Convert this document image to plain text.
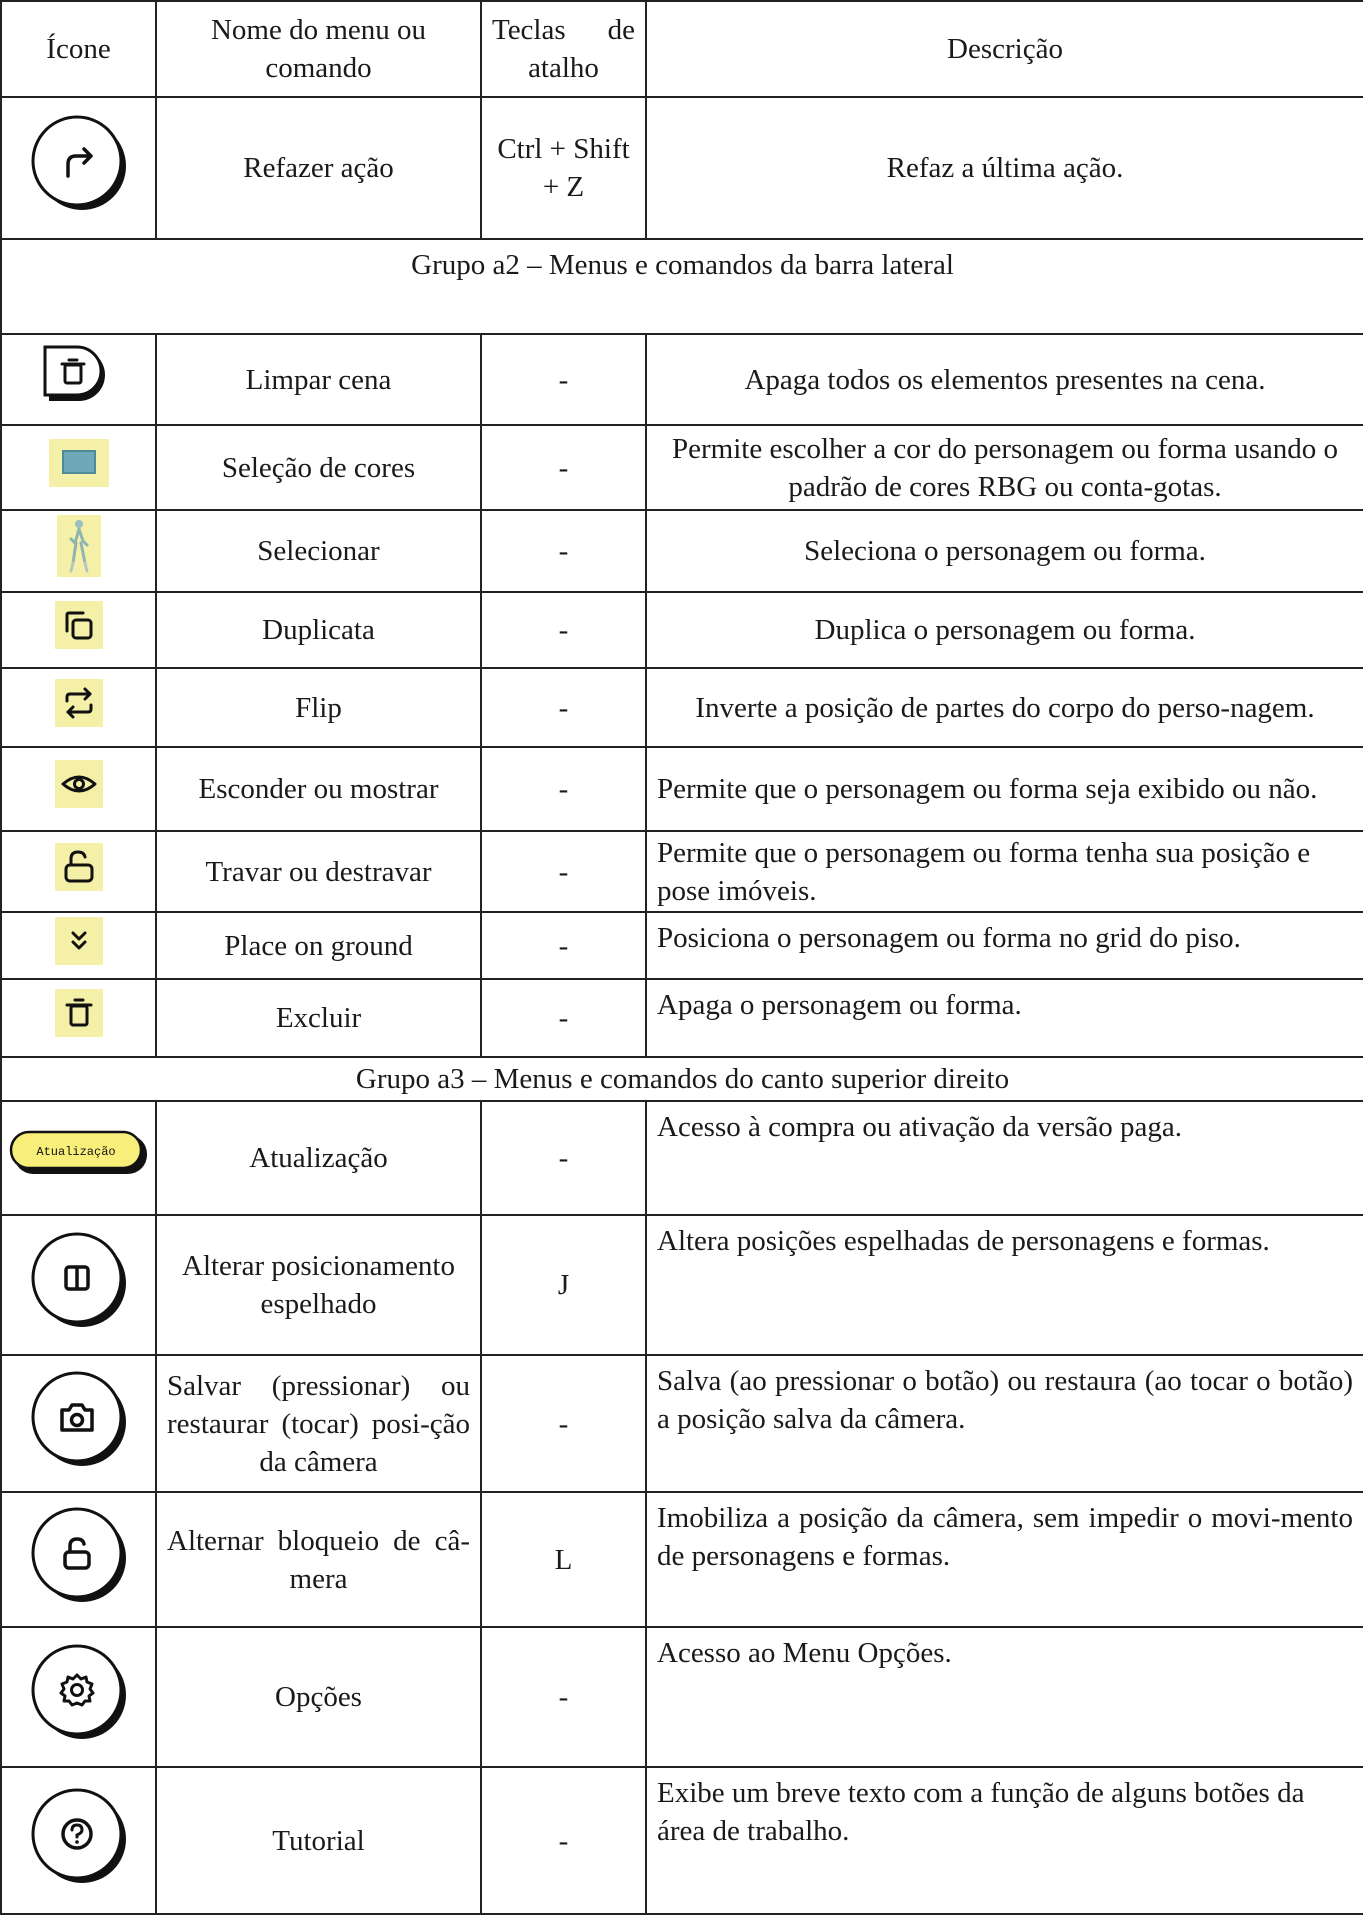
Ícone	Nome do menu ou comando	Teclas de atalho	Descrição

	Refazer ação	Ctrl + Shift + Z	Refaz a última ação.
Grupo a2 – Menus e comandos da barra lateral			

	Limpar cena	-	Apaga todos os elementos presentes na cena.

	Seleção de cores	-	Permite escolher a cor do personagem ou forma usando o padrão de cores RBG ou conta-gotas.

	Selecionar	-	Seleciona o personagem ou forma.

	Duplicata	-	Duplica o personagem ou forma.

	Flip	-	Inverte a posição de partes do corpo do perso-nagem.

	Esconder ou mostrar	-	Permite que o personagem ou forma seja exibido ou não.

	Travar ou destravar	-	Permite que o personagem ou forma tenha sua posição e pose imóveis.

	Place on ground	-	Posiciona o personagem ou forma no grid do piso.

	Excluir	-	Apaga o personagem ou forma.
Grupo a3 – Menus e comandos do canto superior direito			

Atualização	Atualização	-	Acesso à compra ou ativação da versão paga.

	Alterar posicionamento espelhado	J	Altera posições espelhadas de personagens e formas.

	Salvar (pressionar) ou restaurar (tocar) posi-ção da câmera	-	Salva (ao pressionar o botão) ou restaura (ao tocar o botão) a posição salva da câmera.

	Alternar bloqueio de câ-mera	L	Imobiliza a posição da câmera, sem impedir o movi-mento de personagens e formas.

	Opções	-	Acesso ao Menu Opções.

	Tutorial	-	Exibe um breve texto com a função de alguns botões da área de trabalho.
